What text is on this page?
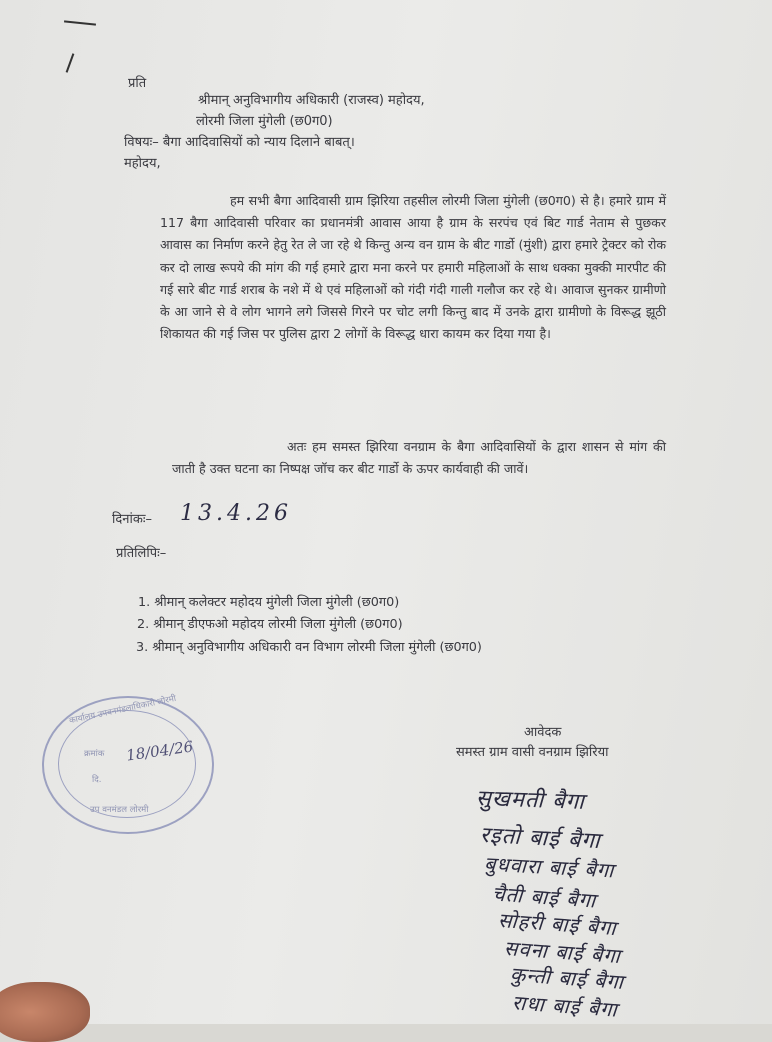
प्रति
श्रीमान् अनुविभागीय अधिकारी (राजस्व) महोदय,
लोरमी जिला मुंगेली (छ0ग0)
विषयः– बैगा आदिवासियों को न्याय दिलाने बाबत्।
महोदय,
हम सभी बैगा आदिवासी ग्राम झिरिया तहसील लोरमी जिला मुंगेली (छ0ग0) से है। हमारे ग्राम में 117 बैगा आदिवासी परिवार का प्रधानमंत्री आवास आया है ग्राम के सरपंच एवं बिट गार्ड नेताम से पुछकर आवास का निर्माण करने हेतु रेत ले जा रहे थे किन्तु अन्य वन ग्राम के बीट गार्डो (मुंशी) द्वारा हमारे ट्रेक्टर को रोक कर दो लाख रूपये की मांग की गई हमारे द्वारा मना करने पर हमारी महिलाओं के साथ धक्का मुक्की मारपीट की गई सारे बीट गार्ड शराब के नशे में थे एवं महिलाओं को गंदी गंदी गाली गलौज कर रहे थे। आवाज सुनकर ग्रामीणो के आ जाने से वे लोग भागने लगे जिससे गिरने पर चोट लगी किन्तु बाद में उनके द्वारा ग्रामीणो के विरूद्ध झूठी शिकायत की गई जिस पर पुलिस द्वारा 2 लोगों के विरूद्ध धारा कायम कर दिया गया है।
अतः हम समस्त झिरिया वनग्राम के बैगा आदिवासियों के द्वारा शासन से मांग की जाती है उक्त घटना का निष्पक्ष जॉच कर बीट गार्डो के ऊपर कार्यवाही की जावें।
दिनांकः– 13.4.26
प्रतिलिपिः–
1. श्रीमान् कलेक्टर महोदय मुंगेली जिला मुंगेली (छ0ग0)
2. श्रीमान् डीएफओ महोदय लोरमी जिला मुंगेली (छ0ग0)
3. श्रीमान् अनुविभागीय अधिकारी वन विभाग लोरमी जिला मुंगेली (छ0ग0)
कार्यालय उपवनमंडलाधिकारी लोरमी
क्रमांक
दि.
18/04/26
उप वनमंडल लोरमी
आवेदक
समस्त ग्राम वासी वनग्राम झिरिया
सुखमती बैगा
रइतो बाई बैगा
बुधवारा बाई बैगा
चैती बाई बैगा
सोहरी बाई बैगा
सवना बाई बैगा
कुन्ती बाई बैगा
राधा बाई बैगा
